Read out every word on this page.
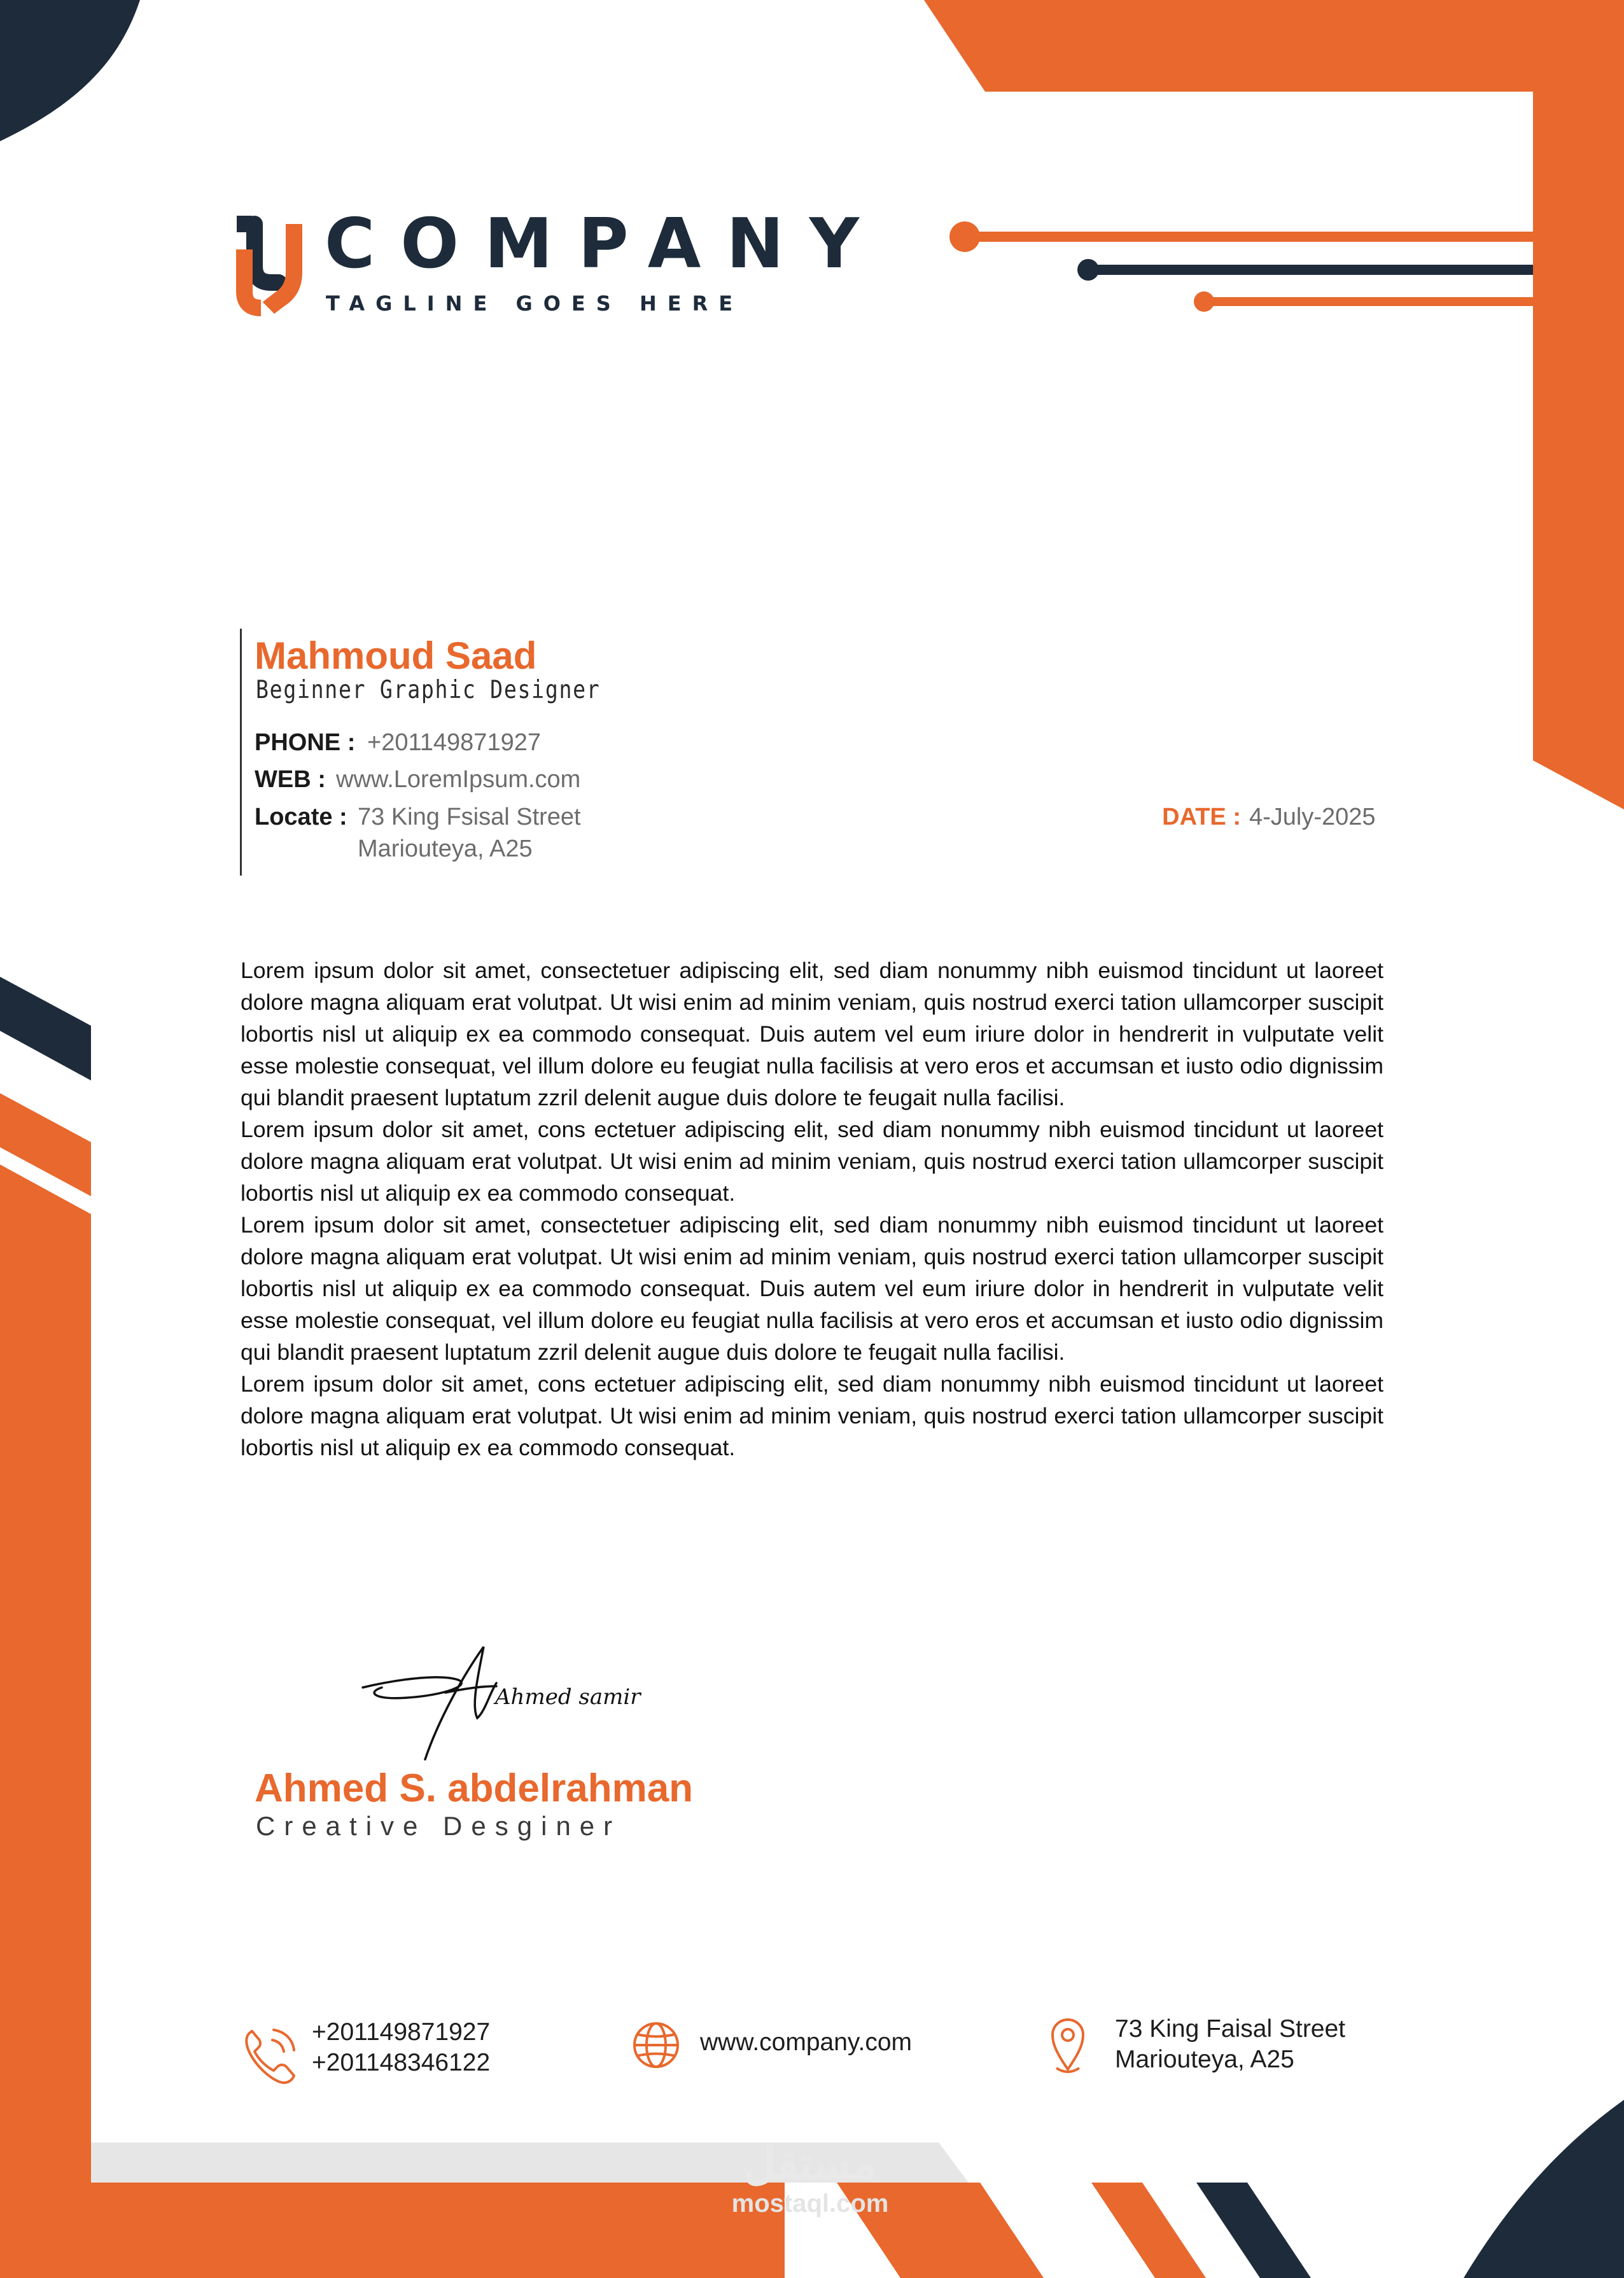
Ahmed samir
COMPANY
TAGLINE GOES HERE
Mahmoud Saad
Beginner Graphic Designer
PHONE : +201149871927
WEB : www.LoremIpsum.com
Locate : 73 King Fsisal Street
Mariouteya, A25
DATE : 4-July-2025

Lorem ipsum dolor sit amet, consectetuer adipiscing elit, sed diam nonummy nibh euismod tincidunt ut laoreet dolore magna aliquam erat volutpat. Ut wisi enim ad minim veniam, quis nostrud exerci tation ullamcorper suscipit lobortis nisl ut aliquip ex ea commodo consequat. Duis autem vel eum iriure dolor in hendrerit in vulputate velit esse molestie consequat, vel illum dolore eu feugiat nulla facilisis at vero eros et accumsan et iusto odio dignissim qui blandit praesent luptatum zzril delenit augue duis dolore te feugait nulla facilisi.

Lorem ipsum dolor sit amet, cons ectetuer adipiscing elit, sed diam nonummy nibh euismod tincidunt ut laoreet dolore magna aliquam erat volutpat. Ut wisi enim ad minim veniam, quis nostrud exerci tation ullamcorper suscipit lobortis nisl ut aliquip ex ea commodo consequat.

Lorem ipsum dolor sit amet, consectetuer adipiscing elit, sed diam nonummy nibh euismod tincidunt ut laoreet dolore magna aliquam erat volutpat. Ut wisi enim ad minim veniam, quis nostrud exerci tation ullamcorper suscipit lobortis nisl ut aliquip ex ea commodo consequat. Duis autem vel eum iriure dolor in hendrerit in vulputate velit esse molestie consequat, vel illum dolore eu feugiat nulla facilisis at vero eros et accumsan et iusto odio dignissim qui blandit praesent luptatum zzril delenit augue duis dolore te feugait nulla facilisi.

Lorem ipsum dolor sit amet, cons ectetuer adipiscing elit, sed diam nonummy nibh euismod tincidunt ut laoreet dolore magna aliquam erat volutpat. Ut wisi enim ad minim veniam, quis nostrud exerci tation ullamcorper suscipit lobortis nisl ut aliquip ex ea commodo consequat.

Ahmed S. abdelrahman
Creative Desginer
+201149871927
+201148346122
www.company.com	73 King Faisal Street
Mariouteya, A25
مستقل
mostaql.com
